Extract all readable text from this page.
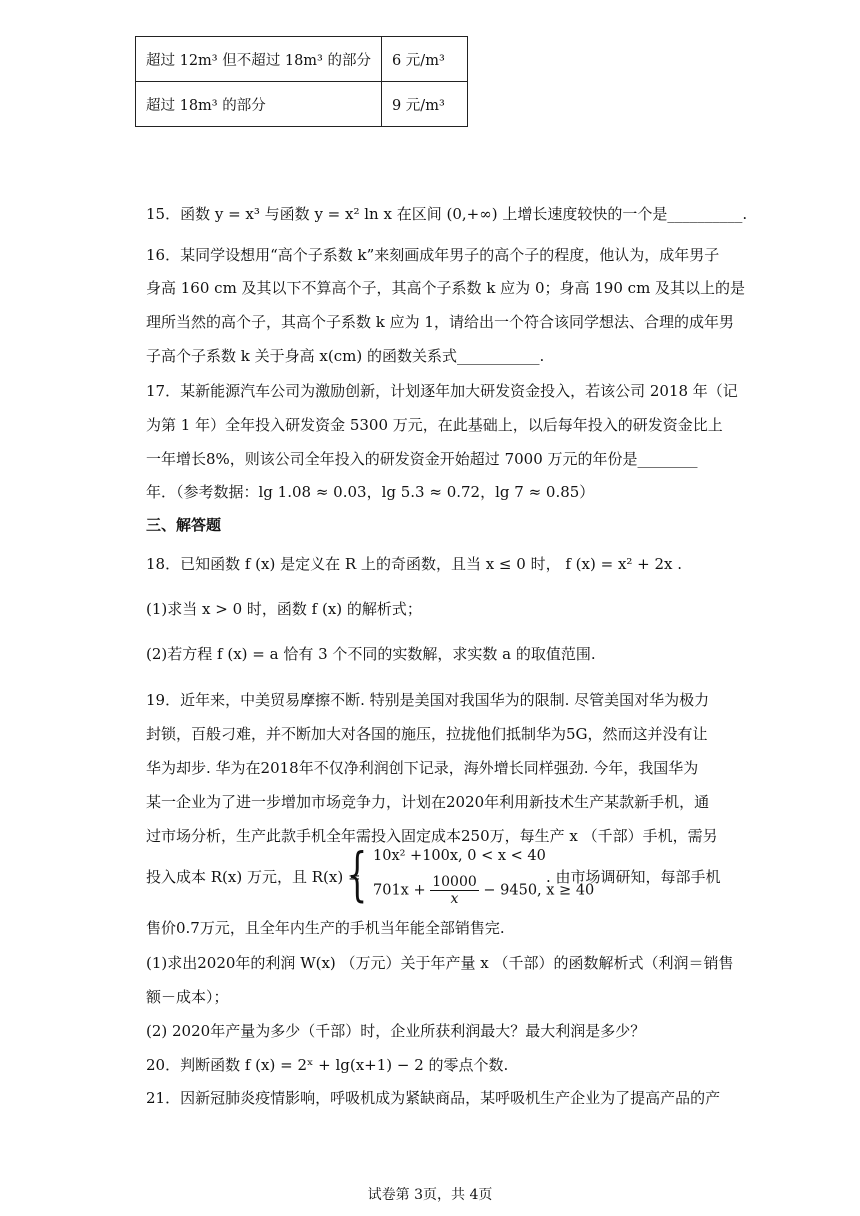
超过 12m³ 但不超过 18m³ 的部分	6 元/m³
超过 18m³ 的部分	9 元/m³
15．函数 y = x³ 与函数 y = x² ln x 在区间 (0,+∞) 上增长速度较快的一个是__________.
16．某同学设想用“高个子系数 k”来刻画成年男子的高个子的程度，他认为，成年男子
身高 160 cm 及其以下不算高个子，其高个子系数 k 应为 0；身高 190 cm 及其以上的是
理所当然的高个子，其高个子系数 k 应为 1，请给出一个符合该同学想法、合理的成年男
子高个子系数 k 关于身高 x(cm) 的函数关系式___________.
17．某新能源汽车公司为激励创新，计划逐年加大研发资金投入，若该公司 2018 年（记
为第 1 年）全年投入研发资金 5300 万元，在此基础上，以后每年投入的研发资金比上
一年增长8%，则该公司全年投入的研发资金开始超过 7000 万元的年份是________
年．（参考数据：lg 1.08 ≈ 0.03，lg 5.3 ≈ 0.72，lg 7 ≈ 0.85）
三、解答题
18．已知函数 f (x) 是定义在 R 上的奇函数，且当 x ≤ 0 时， f (x) = x² + 2x .
(1)求当 x > 0 时，函数 f (x) 的解析式；
(2)若方程 f (x) = a 恰有 3 个不同的实数解，求实数 a 的取值范围.
19．近年来，中美贸易摩擦不断. 特别是美国对我国华为的限制. 尽管美国对华为极力
封锁，百般刁难，并不断加大对各国的施压，拉拢他们抵制华为5G，然而这并没有让
华为却步. 华为在2018年不仅净利润创下记录，海外增长同样强劲. 今年，我国华为
某一企业为了进一步增加市场竞争力，计划在2020年利用新技术生产某款新手机，通
过市场分析，生产此款手机全年需投入固定成本250万，每生产 x （千部）手机，需另
投入成本 R(x) 万元，且 R(x) =
{ 10x² +100x, 0 < x < 40
$701x + \frac{10000}{x} - 9450$, x ≥ 40
. 由市场调研知，每部手机
售价0.7万元，且全年内生产的手机当年能全部销售完.
(1)求出2020年的利润 W(x) （万元）关于年产量 x （千部）的函数解析式（利润＝销售
额－成本）；
(2) 2020年产量为多少（千部）时，企业所获利润最大？最大利润是多少？
20．判断函数 f (x) = 2ˣ + lg(x+1) − 2 的零点个数.
21．因新冠肺炎疫情影响，呼吸机成为紧缺商品，某呼吸机生产企业为了提高产品的产
试卷第 3页，共 4页
